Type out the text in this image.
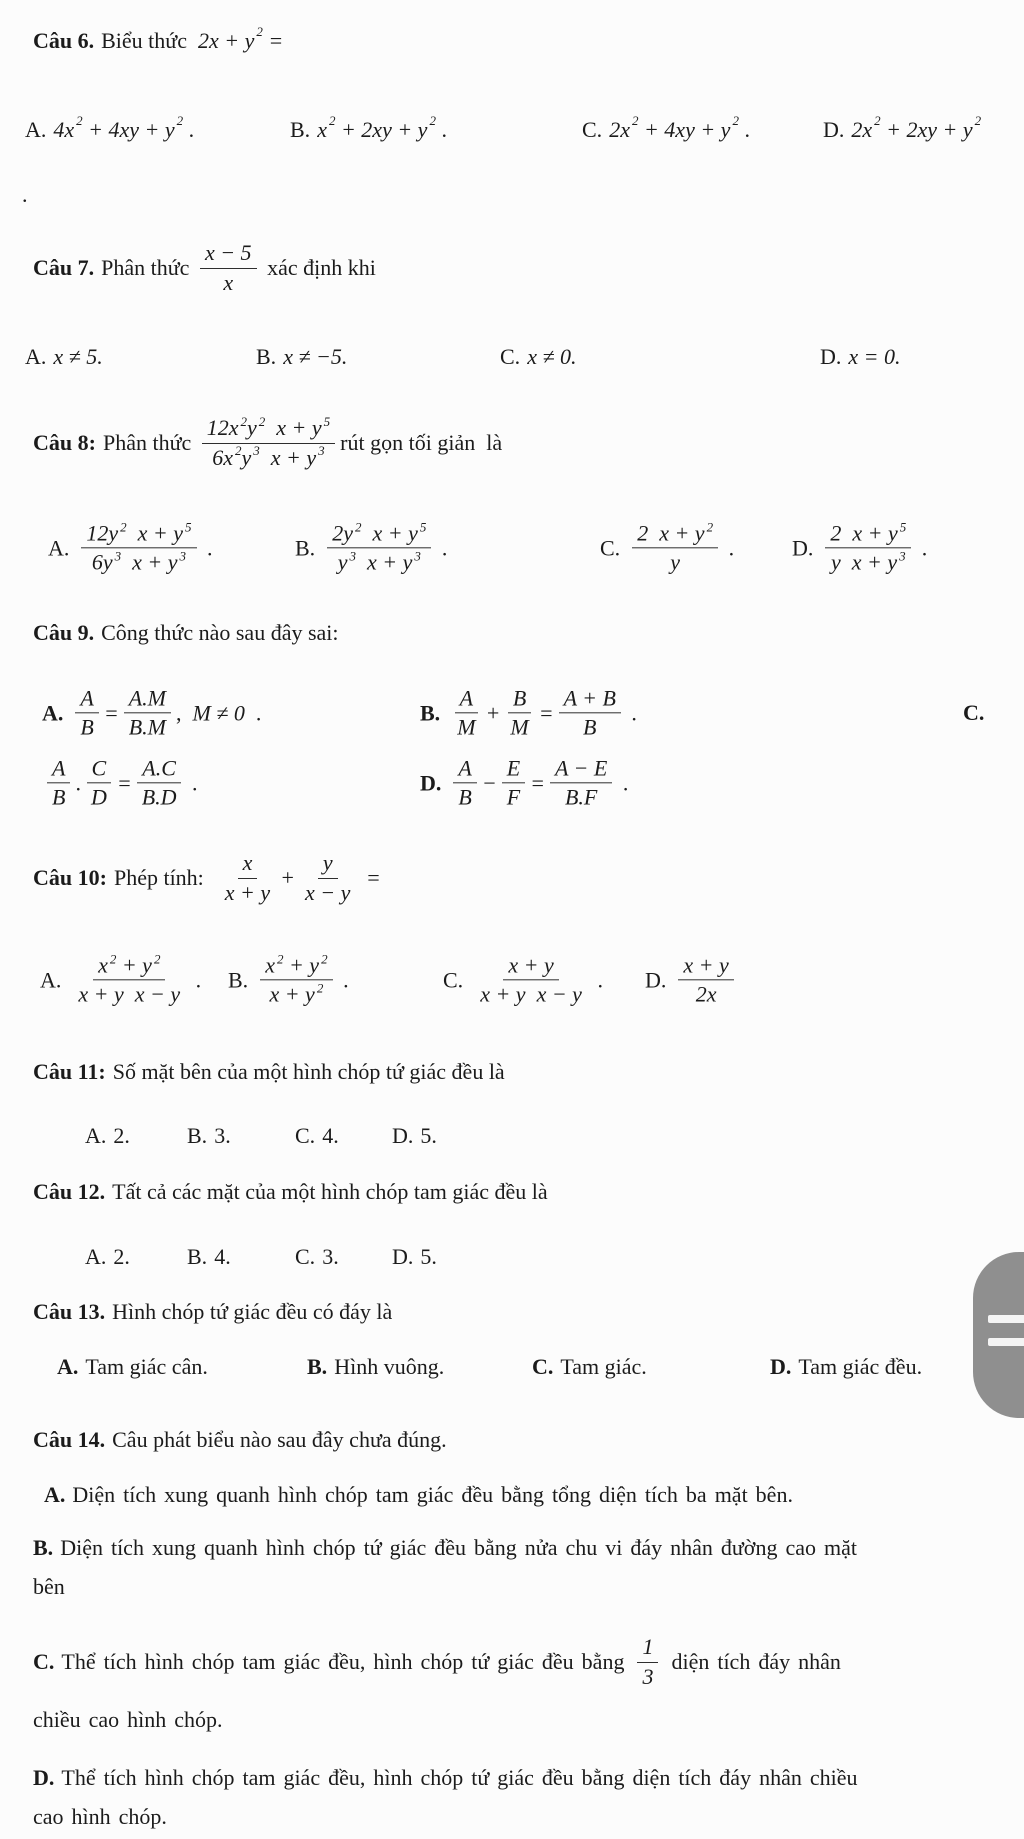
Câu 6. Biểu thức 2x + y 2 =
A. 4x 2 + 4xy + y 2 .	B. x 2 + 2xy + y 2 .	C. 2x 2 + 4xy + y 2 .	D. 2x 2 + 2xy + y 2
Câu 7. Phân thức $\frac{x - 5}{x}$ xác định khi
A. x ≠ 5.	B. x ≠ −5.	C. x ≠ 0.	D. x = 0.
Câu 8: Phân thức $\frac{12x 2 y 2 x + y 5}{6x 2 y 3 x + y 3}$ rút gọn tối giản  là
A. $\frac{12y 2 x + y 5}{6y 3 x + y 3}$ .	B. $\frac{2y 2 x + y 5}{y 3 x + y 3}$ .	C. $\frac{2 x + y 2}{y}$ .	D. $\frac{2 x + y 5}{\text{y  x + y 3}}$ .
Câu 9. Công thức nào sau đây sai:
A. $\frac{A}{B} = \frac{A.M}{B.M}$ , M ≠ 0 .	B. $\frac{A}{M} + \frac{B}{M} = \frac{A + B}{B}$ .	C.
$\frac{A}{B}$ . $\frac{C}{D} = \frac{A.C}{B.D}$ .	D. $\frac{A}{B} - \frac{E}{F} = \frac{A - E}{B.F}$ .
Câu 10: Phép tính: $\frac{x}{x + y} + \frac{y}{x - y}$ =
A. $\frac{x 2 + y 2}{\text{x + y  x − y}}$ . B. $\frac{x 2 + y 2}{x + y 2}$ .	C. $\frac{x + y}{\text{x + y  x − y}}$ . D. $\frac{x + y}{2x}$
Câu 11: Số mặt bên của một hình chóp tứ giác đều là
A. 2.	B. 3.	C. 4. D. 5.
Câu 12. Tất cả các mặt của một hình chóp tam giác đều là
A. 2.	B. 4.	C. 3. D. 5.
Câu 13. Hình chóp tứ giác đều có đáy là
A. Tam giác cân.	B. Hình vuông.	C. Tam giác.	D. Tam giác đều.
Câu 14. Câu phát biểu nào sau đây chưa đúng.
A. Diện tích xung quanh hình chóp tam giác đều bằng tổng diện tích ba mặt bên.
B. Diện tích xung quanh hình chóp tứ giác đều bằng nửa chu vi đáy nhân đường cao mặt
bên
C. Thể tích hình chóp tam giác đều, hình chóp tứ giác đều bằng $\frac{1}{3}$ diện tích đáy nhân
chiều cao hình chóp.
D. Thể tích hình chóp tam giác đều, hình chóp tứ giác đều bằng diện tích đáy nhân chiều
cao hình chóp.
.
